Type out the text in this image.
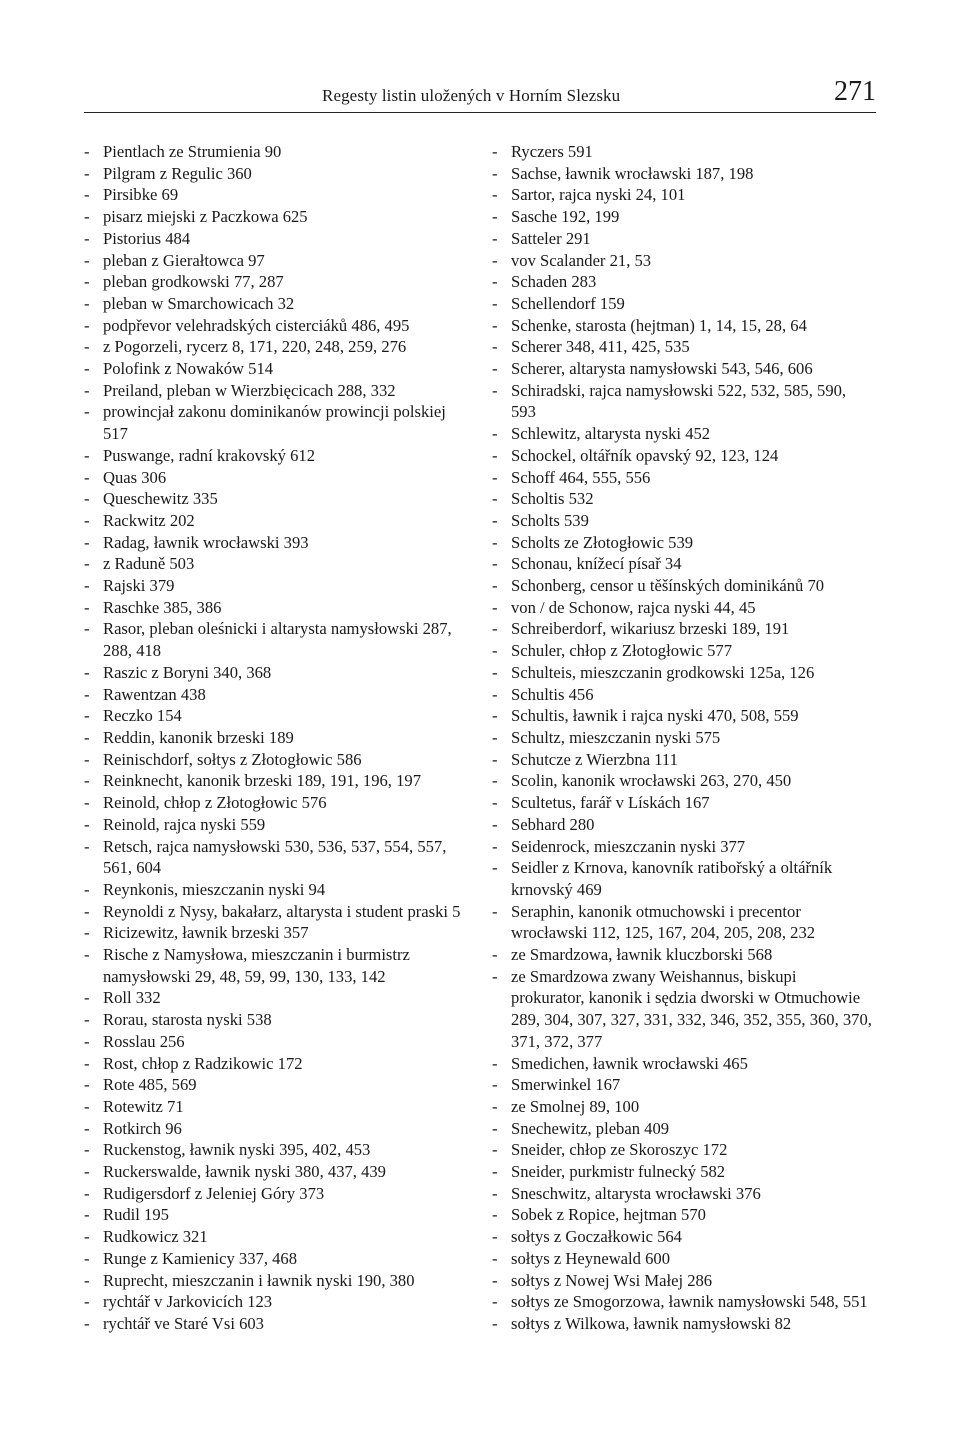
Regesty listin uložených v Horním Slezsku	271
- Pientlach ze Strumienia 90
- Pilgram z Regulic 360
- Pirsibke 69
- pisarz miejski z Paczkowa 625
- Pistorius 484
- pleban z Gierałtowca 97
- pleban grodkowski 77, 287
- pleban w Smarchowicach 32
- podpřevor velehradských cisterciáků 486, 495
- z Pogorzeli, rycerz 8, 171, 220, 248, 259, 276
- Polofink z Nowaków 514
- Preiland, pleban w Wierzbięcicach 288, 332
- prowincjał zakonu dominikanów prowincji polskiej 517
- Puswange, radní krakovský 612
- Quas 306
- Queschewitz 335
- Rackwitz 202
- Radag, ławnik wrocławski 393
- z Raduně 503
- Rajski 379
- Raschke 385, 386
- Rasor, pleban oleśnicki i altarysta namysłowski 287, 288, 418
- Raszic z Boryni 340, 368
- Rawentzan 438
- Reczko 154
- Reddin, kanonik brzeski 189
- Reinischdorf, sołtys z Złotogłowic 586
- Reinknecht, kanonik brzeski 189, 191, 196, 197
- Reinold, chłop z Złotogłowic 576
- Reinold, rajca nyski 559
- Retsch, rajca namysłowski 530, 536, 537, 554, 557, 561, 604
- Reynkonis, mieszczanin nyski 94
- Reynoldi z Nysy, bakałarz, altarysta i student praski 5
- Ricizewitz, ławnik brzeski 357
- Rische z Namysłowa, mieszczanin i burmistrz namysłowski 29, 48, 59, 99, 130, 133, 142
- Roll 332
- Rorau, starosta nyski 538
- Rosslau 256
- Rost, chłop z Radzikowic 172
- Rote 485, 569
- Rotewitz 71
- Rotkirch 96
- Ruckenstog, ławnik nyski 395, 402, 453
- Ruckerswalde, ławnik nyski 380, 437, 439
- Rudigersdorf z Jeleniej Góry 373
- Rudil 195
- Rudkowicz 321
- Runge z Kamienicy 337, 468
- Ruprecht, mieszczanin i ławnik nyski 190, 380
- rychtář v Jarkovicích 123
- rychtář ve Staré Vsi 603
- Ryczers 591
- Sachse, ławnik wrocławski 187, 198
- Sartor, rajca nyski 24, 101
- Sasche 192, 199
- Satteler 291
- vov Scalander 21, 53
- Schaden 283
- Schellendorf 159
- Schenke, starosta (hejtman) 1, 14, 15, 28, 64
- Scherer 348, 411, 425, 535
- Scherer, altarysta namysłowski 543, 546, 606
- Schiradski, rajca namysłowski 522, 532, 585, 590, 593
- Schlewitz, altarysta nyski 452
- Schockel, oltářník opavský 92, 123, 124
- Schoff 464, 555, 556
- Scholtis 532
- Scholts 539
- Scholts ze Złotogłowic 539
- Schonau, knížecí písař 34
- Schonberg, censor u těšínských dominikánů 70
- von / de Schonow, rajca nyski 44, 45
- Schreiberdorf, wikariusz brzeski 189, 191
- Schuler, chłop z Złotogłowic 577
- Schulteis, mieszczanin grodkowski 125a, 126
- Schultis 456
- Schultis, ławnik i rajca nyski 470, 508, 559
- Schultz, mieszczanin nyski 575
- Schutcze z Wierzbna 111
- Scolin, kanonik wrocławski 263, 270, 450
- Scultetus, farář v Lískách 167
- Sebhard 280
- Seidenrock, mieszczanin nyski 377
- Seidler z Krnova, kanovník ratibořský a oltářník krnovský 469
- Seraphin, kanonik otmuchowski i precentor wrocławski 112, 125, 167, 204, 205, 208, 232
- ze Smardzowa, ławnik kluczborski 568
- ze Smardzowa zwany Weishannus, biskupi prokurator, kanonik i sędzia dworski w Otmuchowie 289, 304, 307, 327, 331, 332, 346, 352, 355, 360, 370, 371, 372, 377
- Smedichen, ławnik wrocławski 465
- Smerwinkel 167
- ze Smolnej 89, 100
- Snechewitz, pleban 409
- Sneider, chłop ze Skoroszyc 172
- Sneider, purkmistr fulnecký 582
- Sneschwitz, altarysta wrocławski 376
- Sobek z Ropice, hejtman 570
- sołtys z Goczałkowic 564
- sołtys z Heynewald 600
- sołtys z Nowej Wsi Małej 286
- sołtys ze Smogorzowa, ławnik namysłowski 548, 551
- sołtys z Wilkowa, ławnik namysłowski 82
